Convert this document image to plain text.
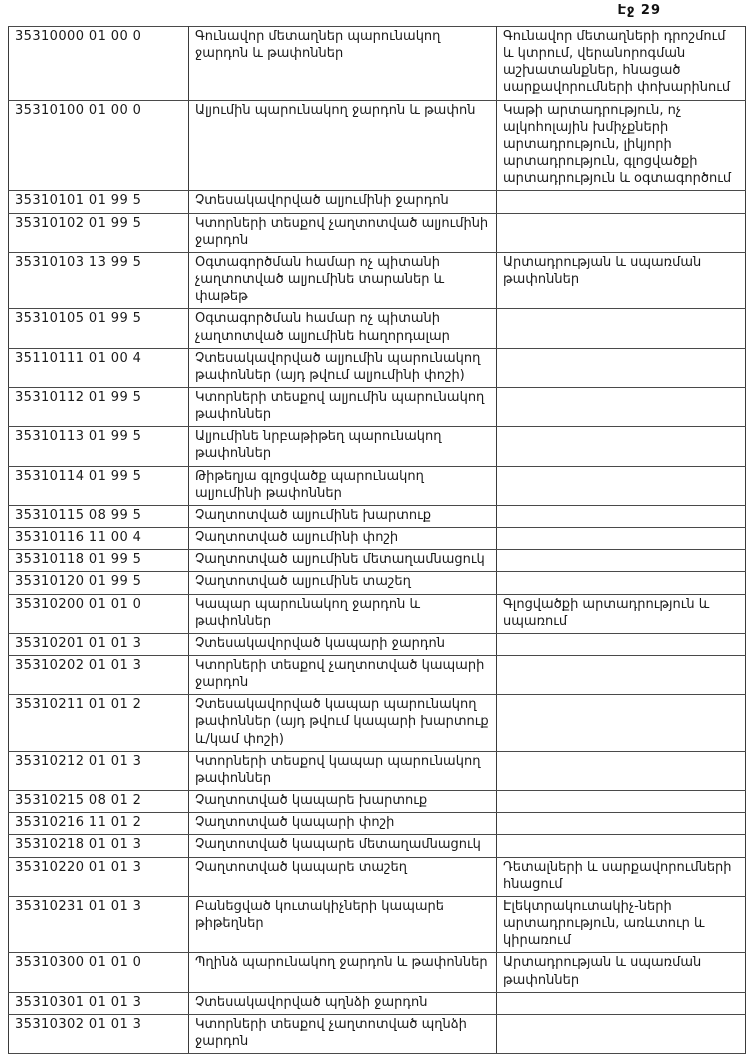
Էջ 29
35310000 01 00 0	Գունավոր մետաղներ պարունակող ջարդոն և թափոններ	Գունավոր մետաղների դրոշմում և կտրում, վերանորոգման աշխատանքներ, հնացած սարքավորումների փոխարինում
35310100 01 00 0	Ալյումին պարունակող ջարդոն և թափոն	Կաթի արտադրություն, ոչ ալկոհոլային խմիչքների արտադրություն, լիկյորի արտադրություն, գլոցվածքի արտադրություն և օգտագործում
35310101 01 99 5	Չտեսակավորված ալյումինի ջարդոն	
35310102 01 99 5	Կտորների տեսքով չաղտոտված ալյումինի ջարդոն	
35310103 13 99 5	Օգտագործման համար ոչ պիտանի չաղտոտված ալյումինե տարաներ և փաթեթ	Արտադրության և սպառման թափոններ
35310105 01 99 5	Օգտագործման համար ոչ պիտանի չաղտոտված ալյումինե հաղորդալար	
35110111 01 00 4	Չտեսակավորված ալյումին պարունակող թափոններ (այդ թվում ալյումինի փոշի)	
35310112 01 99 5	Կտորների տեսքով ալյումին պարունակող թափոններ	
35310113 01 99 5	Ալյումինե նրբաթիթեղ պարունակող թափոններ	
35310114 01 99 5	Թիթեղյա գլոցվածք պարունակող ալյումինի թափոններ	
35310115 08 99 5	Չաղտոտված ալյումինե խարտուք	
35310116 11 00 4	Չաղտոտված ալյումինի փոշի	
35310118 01 99 5	Չաղտոտված ալյումինե մետաղամնացուկ	
35310120 01 99 5	Չաղտոտված ալյումինե տաշեղ	
35310200 01 01 0	Կապար պարունակող ջարդոն և թափոններ	Գլոցվածքի արտադրություն և սպառում
35310201 01 01 3	Չտեսակավորված կապարի ջարդոն	
35310202 01 01 3	Կտորների տեսքով չաղտոտված կապարի ջարդոն	
35310211 01 01 2	Չտեսակավորված կապար պարունակող թափոններ (այդ թվում կապարի խարտուք և/կամ փոշի)	
35310212 01 01 3	Կտորների տեսքով կապար պարունակող թափոններ	
35310215 08 01 2	Չաղտոտված կապարե խարտուք	
35310216 11 01 2	Չաղտոտված կապարի փոշի	
35310218 01 01 3	Չաղտոտված կապարե մետաղամնացուկ	
35310220 01 01 3	Չաղտոտված կապարե տաշեղ	Դետալների և սարքավորումների հնացում
35310231 01 01 3	Բանեցված կուտակիչների կապարե թիթեղներ	Էլեկտրակուտակիչ-ների արտադրություն, առևտուր և կիրառում
35310300 01 01 0	Պղինձ պարունակող ջարդոն և թափոններ	Արտադրության և սպառման թափոններ
35310301 01 01 3	Չտեսակավորված պղնձի ջարդոն	
35310302 01 01 3	Կտորների տեսքով չաղտոտված պղնձի ջարդոն	
